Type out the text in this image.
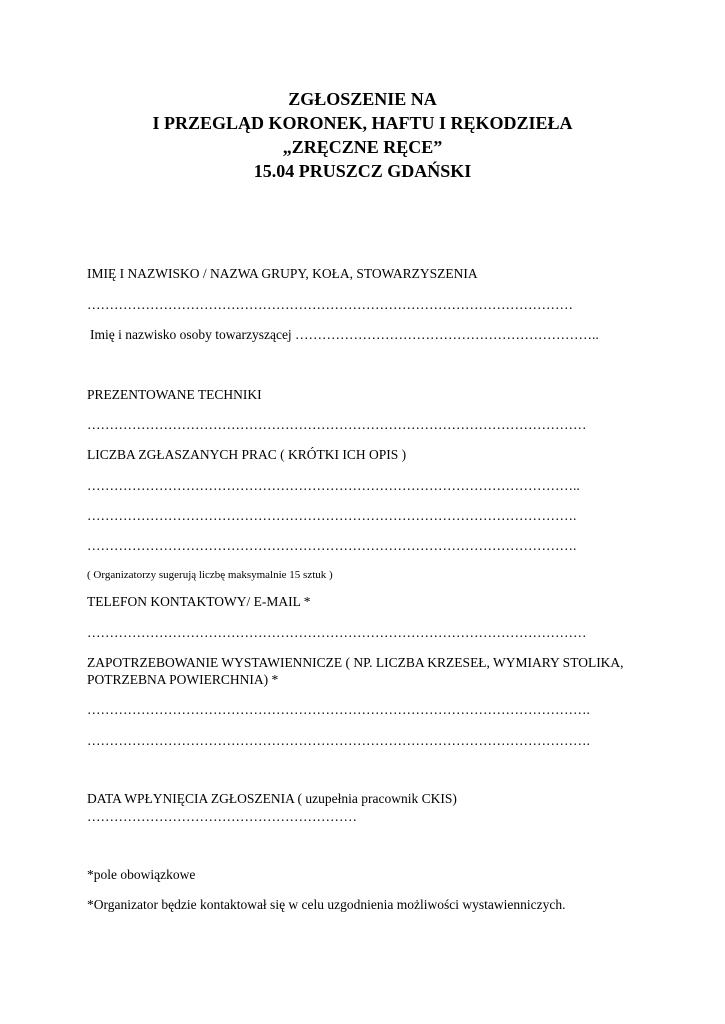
ZGŁOSZENIE NA
I PRZEGLĄD KORONEK, HAFTU I RĘKODZIEŁA
„ZRĘCZNE RĘCE”
15.04 PRUSZCZ GDAŃSKI
IMIĘ I NAZWISKO / NAZWA GRUPY, KOŁA, STOWARZYSZENIA
………………………………………………………………………………………………
Imię i nazwisko osoby towarzyszącej …………………………………………………………..
PREZENTOWANE TECHNIKI
…………………………………………………………………………………………………
LICZBA ZGŁASZANYCH PRAC ( KRÓTKI ICH OPIS )
………………………………………………………………………………………………..
……………………………………………………………………………………………….
……………………………………………………………………………………………….
( Organizatorzy sugerują liczbę maksymalnie 15 sztuk )
TELEFON KONTAKTOWY/ E-MAIL *
…………………………………………………………………………………………………
ZAPOTRZEBOWANIE WYSTAWIENNICZE ( NP. LICZBA KRZESEŁ, WYMIARY STOLIKA,
POTRZEBNA POWIERCHNIA) *
………………………………………………………………………………………………….
………………………………………………………………………………………………….
DATA WPŁYNIĘCIA ZGŁOSZENIA ( uzupełnia pracownik CKIS)
……………………………………………………
*pole obowiązkowe
*Organizator będzie kontaktował się w celu uzgodnienia możliwości wystawienniczych.
